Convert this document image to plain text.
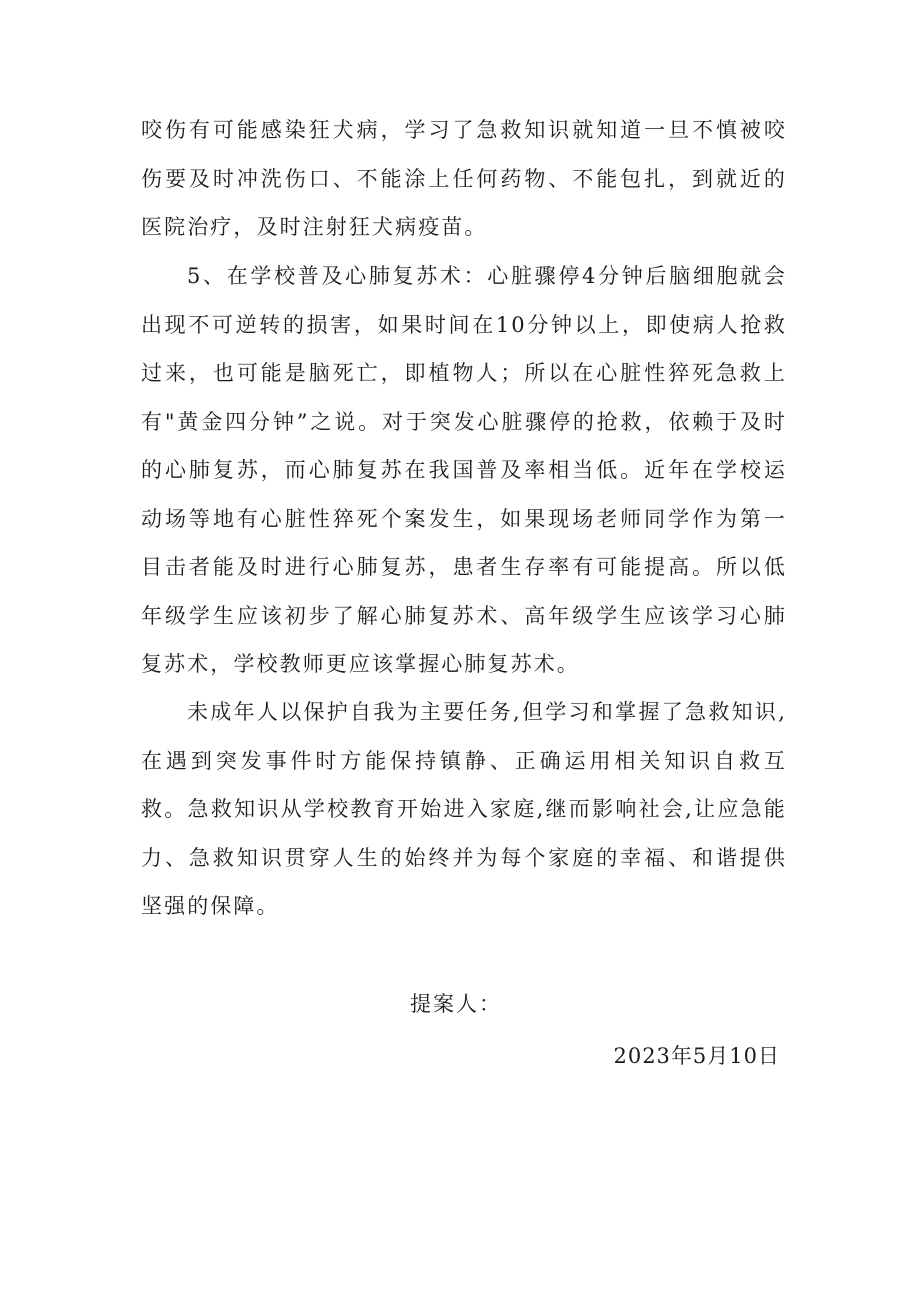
咬伤有可能感染狂犬病，学习了急救知识就知道一旦不慎被咬伤要及时冲洗伤口、不能涂上任何药物、不能包扎，到就近的医院治疗，及时注射狂犬病疫苗。

5、在学校普及心肺复苏术：心脏骤停4分钟后脑细胞就会出现不可逆转的损害，如果时间在10分钟以上，即使病人抢救过来，也可能是脑死亡，即植物人；所以在心脏性猝死急救上有"黄金四分钟”之说。对于突发心脏骤停的抢救，依赖于及时的心肺复苏，而心肺复苏在我国普及率相当低。近年在学校运动场等地有心脏性猝死个案发生，如果现场老师同学作为第一目击者能及时进行心肺复苏，患者生存率有可能提高。所以低年级学生应该初步了解心肺复苏术、高年级学生应该学习心肺复苏术，学校教师更应该掌握心肺复苏术。

未成年人以保护自我为主要任务,但学习和掌握了急救知识,在遇到突发事件时方能保持镇静、正确运用相关知识自救互救。急救知识从学校教育开始进入家庭,继而影响社会,让应急能力、急救知识贯穿人生的始终并为每个家庭的幸福、和谐提供坚强的保障。

提案人：

2023年5月10日
